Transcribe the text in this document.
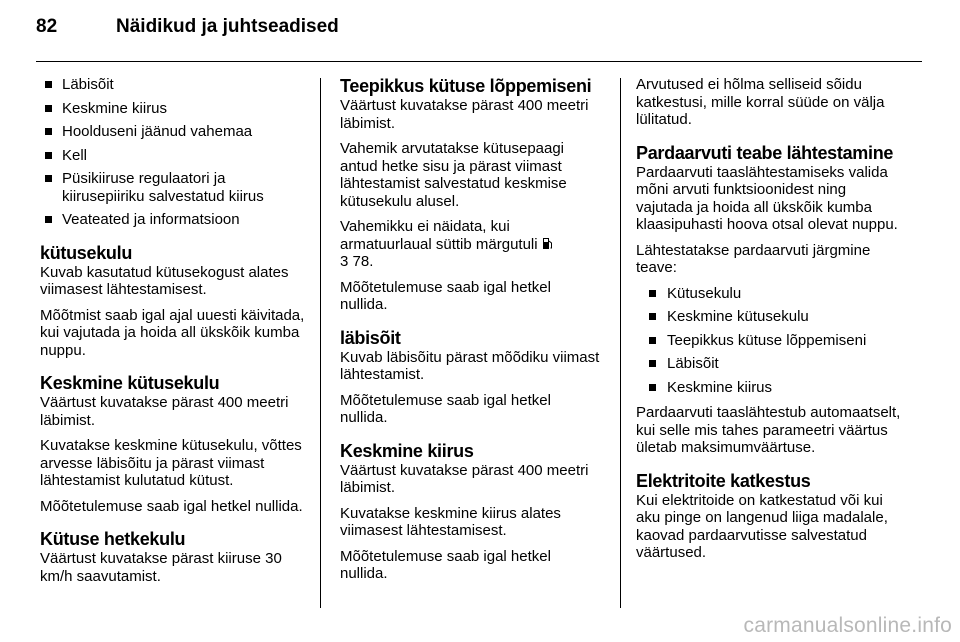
82	Näidikud ja juhtseadised
Läbisõit
Keskmine kiirus
Hoolduseni jäänud vahemaa
Kell
Püsikiiruse regulaatori ja kiirusepiiriku salvestatud kiirus
Veateated ja informatsioon
kütusekulu

Kuvab kasutatud kütusekogust alates viimasest lähtestamisest.

Mõõtmist saab igal ajal uuesti käivitada, kui vajutada ja hoida all ükskõik kumba nuppu.

Keskmine kütusekulu

Väärtust kuvatakse pärast 400 meetri läbimist.

Kuvatakse keskmine kütusekulu, võttes arvesse läbisõitu ja pärast viimast lähtestamist kulutatud kütust.

Mõõtetulemuse saab igal hetkel nullida.

Kütuse hetkekulu

Väärtust kuvatakse pärast kiiruse 30 km/h saavutamist.

Teepikkus kütuse lõppemiseni

Väärtust kuvatakse pärast 400 meetri läbimist.

Vahemik arvutatakse kütusepaagi antud hetke sisu ja pärast viimast lähtestamist salvestatud keskmise kütusekulu alusel.

Vahemikku ei näidata, kui armatuurlaual süttib märgutuli
3 78.

Mõõtetulemuse saab igal hetkel nullida.

läbisõit

Kuvab läbisõitu pärast mõõdiku viimast lähtestamist.

Mõõtetulemuse saab igal hetkel nullida.

Keskmine kiirus

Väärtust kuvatakse pärast 400 meetri läbimist.

Kuvatakse keskmine kiirus alates viimasest lähtestamisest.

Mõõtetulemuse saab igal hetkel nullida.

Arvutused ei hõlma selliseid sõidu katkestusi, mille korral süüde on välja lülitatud.

Pardaarvuti teabe lähtestamine

Pardaarvuti taaslähtestamiseks valida mõni arvuti funktsioonidest ning vajutada ja hoida all ükskõik kumba klaasipuhasti hoova otsal olevat nuppu.

Lähtestatakse pardaarvuti järgmine teave:

Kütusekulu
Keskmine kütusekulu
Teepikkus kütuse lõppemiseni
Läbisõit
Keskmine kiirus

Pardaarvuti taaslähtestub automaatselt, kui selle mis tahes parameetri väärtus ületab maksimumväärtuse.

Elektritoite katkestus

Kui elektritoide on katkestatud või kui aku pinge on langenud liiga madalale, kaovad pardaarvutisse salvestatud väärtused.

carmanualsonline.info
